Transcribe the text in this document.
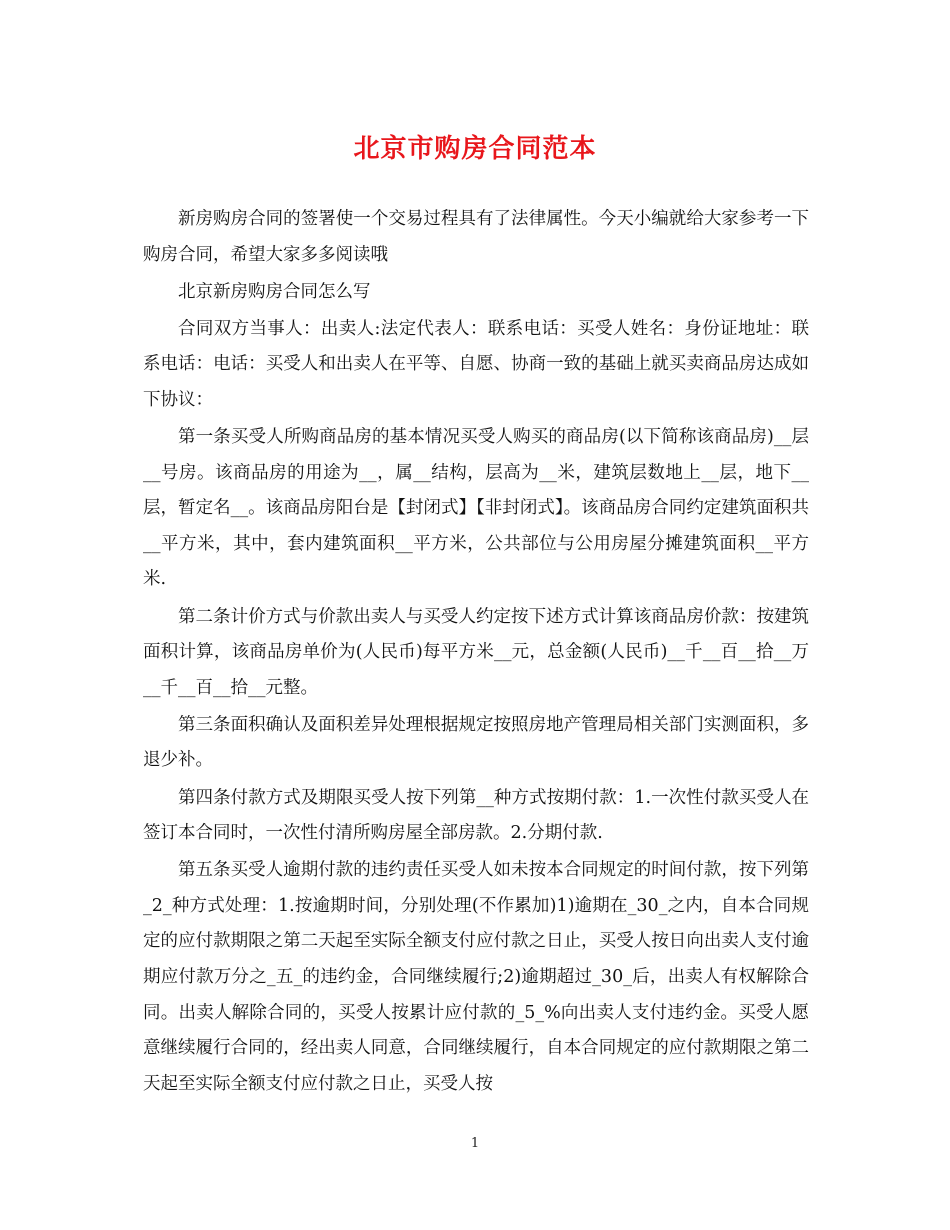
北京市购房合同范本

新房购房合同的签署使一个交易过程具有了法律属性。今天小编就给大家参考一下购房合同，希望大家多多阅读哦

北京新房购房合同怎么写

合同双方当事人：出卖人:法定代表人：联系电话：买受人姓名：身份证地址：联系电话：电话：买受人和出卖人在平等、自愿、协商一致的基础上就买卖商品房达成如下协议：

第一条买受人所购商品房的基本情况买受人购买的商品房(以下简称该商品房)__层__号房。该商品房的用途为__，属__结构，层高为__米，建筑层数地上__层，地下__层，暂定名__。该商品房阳台是【封闭式】【非封闭式】。该商品房合同约定建筑面积共__平方米，其中，套内建筑面积__平方米，公共部位与公用房屋分摊建筑面积__平方米.

第二条计价方式与价款出卖人与买受人约定按下述方式计算该商品房价款：按建筑面积计算，该商品房单价为(人民币)每平方米__元，总金额(人民币)__千__百__拾__万__千__百__拾__元整。

第三条面积确认及面积差异处理根据规定按照房地产管理局相关部门实测面积，多退少补。

第四条付款方式及期限买受人按下列第__种方式按期付款：1.一次性付款买受人在签订本合同时，一次性付清所购房屋全部房款。2.分期付款.

第五条买受人逾期付款的违约责任买受人如未按本合同规定的时间付款，按下列第_2_种方式处理：1.按逾期时间，分别处理(不作累加)1)逾期在_30_之内，自本合同规定的应付款期限之第二天起至实际全额支付应付款之日止，买受人按日向出卖人支付逾期应付款万分之_五_的违约金，合同继续履行;2)逾期超过_30_后，出卖人有权解除合同。出卖人解除合同的，买受人按累计应付款的_5_%向出卖人支付违约金。买受人愿意继续履行合同的，经出卖人同意，合同继续履行，自本合同规定的应付款期限之第二天起至实际全额支付应付款之日止，买受人按

1
